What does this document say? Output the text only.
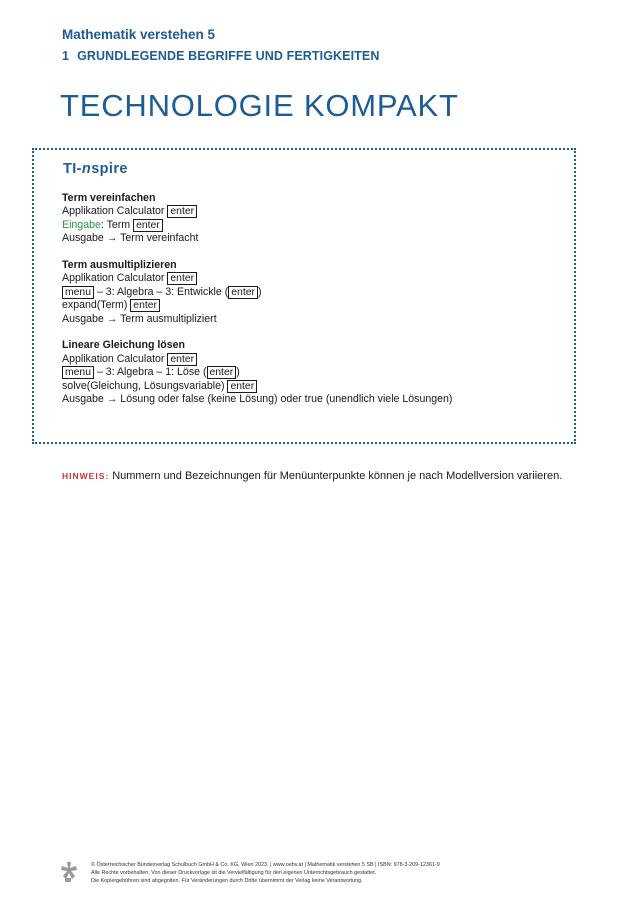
Mathematik verstehen 5
1 GRUNDLEGENDE BEGRIFFE UND FERTIGKEITEN
TECHNOLOGIE KOMPAKT
TI-nspire
Term vereinfachen
Applikation Calculator enter
Eingabe: Term enter
Ausgabe → Term vereinfacht
Term ausmultiplizieren
Applikation Calculator enter
menu – 3: Algebra – 3: Entwickle ( enter )
expand(Term) enter
Ausgabe → Term ausmultipliziert
Lineare Gleichung lösen
Applikation Calculator enter
menu – 3: Algebra – 1: Löse ( enter )
solve(Gleichung, Lösungsvariable) enter
Ausgabe → Lösung oder false (keine Lösung) oder true (unendlich viele Lösungen)
HINWEIS: Nummern und Bezeichnungen für Menüunterpunkte können je nach Modellversion variieren.
© Österreichischer Bundesverlag Schulbuch GmbH & Co. KG, Wien 2023. | www.oebv.at | Mathematik verstehen 5 SB | ISBN: 978-3-209-12361-9
Alle Rechte vorbehalten. Von dieser Druckvorlage ist die Vervielfältigung für den eigenen Unterrichtsgebrauch gestattet.
Die Kopiergebühren sind abgegolten. Für Veränderungen durch Dritte übernimmt der Verlag keine Verantwortung.
